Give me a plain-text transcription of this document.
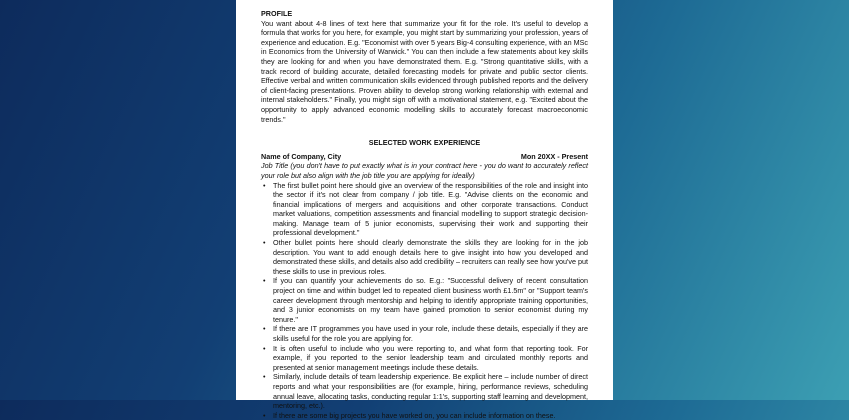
PROFILE

You want about 4-8 lines of text here that summarize your fit for the role. It's useful to develop a formula that works for you here, for example, you might start by summarizing your profession, years of experience and education. E.g. "Economist with over 5 years Big-4 consulting experience, with an MSc in Economics from the University of Warwick." You can then include a few statements about key skills they are looking for and when you have demonstrated them. E.g. "Strong quantitative skills, with a track record of building accurate, detailed forecasting models for private and public sector clients. Effective verbal and written communication skills evidenced through published reports and the delivery of client-facing presentations. Proven ability to develop strong working relationship with external and internal stakeholders." Finally, you might sign off with a motivational statement, e.g. "Excited about the opportunity to apply advanced economic modelling skills to accurately forecast macroeconomic trends."

SELECTED WORK EXPERIENCE
Name of Company, City	Mon 20XX - Present
Job Title (you don't have to put exactly what is in your contract here - you do want to accurately reflect your role but also align with the job title you are applying for ideally)
• The first bullet point here should give an overview of the responsibilities of the role and insight into the sector if it's not clear from company / job title. E.g. "Advise clients on the economic and financial implications of mergers and acquisitions and other corporate transactions. Conduct market valuations, competition assessments and financial modelling to support strategic decision-making. Manage team of 5 junior economists, supervising their work and supporting their professional development."
• Other bullet points here should clearly demonstrate the skills they are looking for in the job description. You want to add enough details here to give insight into how you developed and demonstrated these skills, and details also add credibility – recruiters can really see how you've put these skills to use in previous roles.
• If you can quantify your achievements do so. E.g.: "Successful delivery of recent consultation project on time and within budget led to repeated client business worth £1.5m" or "Support team's career development through mentorship and helping to identify appropriate training opportunities, and 3 junior economists on my team have gained promotion to senior economist during my tenure."
• If there are IT programmes you have used in your role, include these details, especially if they are skills useful for the role you are applying for.
• It is often useful to include who you were reporting to, and what form that reporting took. For example, if you reported to the senior leadership team and circulated monthly reports and presented at senior management meetings include these details.
• Similarly, include details of team leadership experience. Be explicit here – include number of direct reports and what your responsibilities are (for example, hiring, performance reviews, scheduling annual leave, allocating tasks, conducting regular 1:1's, supporting staff learning and development, mentoring, etc.).
• If there are some big projects you have worked on, you can include information on these.
